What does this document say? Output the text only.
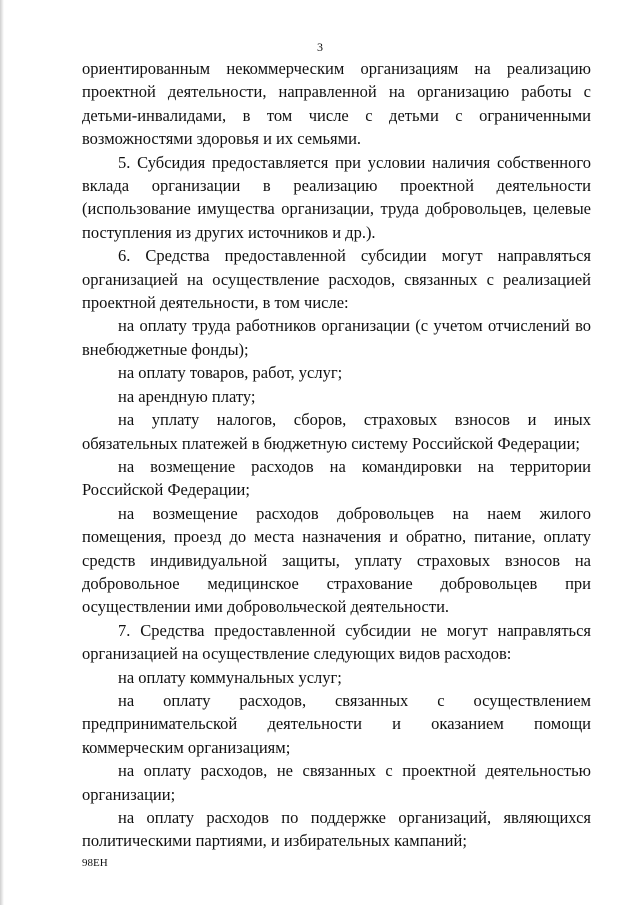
3

ориентированным некоммерческим организациям на реализацию проектной деятельности, направленной на организацию работы с детьми-инвалидами, в том числе с детьми с ограниченными возможностями здоровья и их семьями.

5. Субсидия предоставляется при условии наличия собственного вклада организации в реализацию проектной деятельности (использование имущества организации, труда добровольцев, целевые поступления из других источников и др.).

6. Средства предоставленной субсидии могут направляться организацией на осуществление расходов, связанных с реализацией проектной деятельности, в том числе:

на оплату труда работников организации (с учетом отчислений во внебюджетные фонды);

на оплату товаров, работ, услуг;

на арендную плату;

на уплату налогов, сборов, страховых взносов и иных обязательных платежей в бюджетную систему Российской Федерации;

на возмещение расходов на командировки на территории Российской Федерации;

на возмещение расходов добровольцев на наем жилого помещения, проезд до места назначения и обратно, питание, оплату средств индивидуальной защиты, уплату страховых взносов на добровольное медицинское страхование добровольцев при осуществлении ими добровольческой деятельности.

7. Средства предоставленной субсидии не могут направляться организацией на осуществление следующих видов расходов:

на оплату коммунальных услуг;

на оплату расходов, связанных с осуществлением предпринимательской деятельности и оказанием помощи коммерческим организациям;

на оплату расходов, не связанных с проектной деятельностью организации;

на оплату расходов по поддержке организаций, являющихся политическими партиями, и избирательных кампаний;

98ЕН
